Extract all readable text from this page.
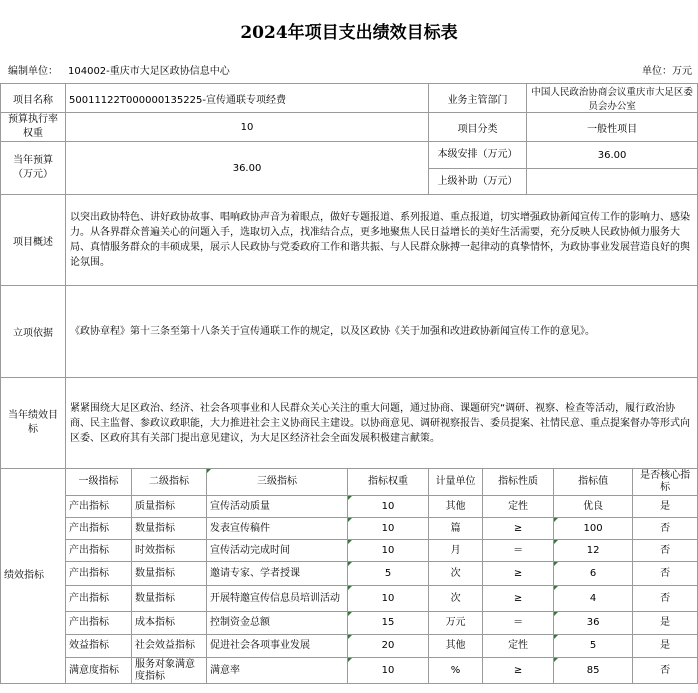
2024年项目支出绩效目标表
编制单位： 104002-重庆市大足区政协信息中心	单位：万元
项目名称	50011122T000000135225-宣传通联专项经费				业务主管部门		中国人民政治协商会议重庆市大足区委员会办公室		
预算执行率权重	10				项目分类		一般性项目		
当年预算（万元）	36.00				本级安排（万元）		36.00		
					上级补助（万元）				
项目概述	以突出政协特色、讲好政协故事、唱响政协声音为着眼点，做好专题报道、系列报道、重点报道，切实增强政协新闻宣传工作的影响力、感染力。从各界群众普遍关心的问题入手，选取切入点，找准结合点，更多地聚焦人民日益增长的美好生活需要，充分反映人民政协倾力服务大局、真情服务群众的丰硕成果，展示人民政协与党委政府工作和谐共振、与人民群众脉搏一起律动的真挚情怀，为政协事业发展营造良好的舆论氛围。								
立项依据	《政协章程》第十三条至第十八条关于宣传通联工作的规定，以及区政协《关于加强和改进政协新闻宣传工作的意见》。								
当年绩效目标	紧紧围绕大足区政治、经济、社会各项事业和人民群众关心关注的重大问题，通过协商、课题研究“调研、视察、检查等活动，履行政治协商、民主监督、参政议政职能，大力推进社会主义协商民主建设。以协商意见、调研视察报告、委员提案、社情民意、重点提案督办等形式向区委、区政府其有关部门提出意见建议，为大足区经济社会全面发展积极建言献策。								
绩效指标	一级指标	二级指标	三级指标	指标权重	计量单位	指标性质		指标值	是否核心指标
	产出指标	质量指标	宣传活动质量	10	其他	定性		优良	是
	产出指标	数量指标	发表宣传稿件	10	篇	≥		100	否
	产出指标	时效指标	宣传活动完成时间	10	月	＝		12	否
	产出指标	数量指标	邀请专家、学者授课	5	次	≥		6	否
	产出指标	数量指标	开展特邀宣传信息员培训活动	10	次	≥		4	否
	产出指标	成本指标	控制资金总额	15	万元	＝		36	是
	效益指标	社会效益指标	促进社会各项事业发展	20	其他	定性		5	是
	满意度指标	服务对象满意度指标	满意率	10	%	≥		85	否
